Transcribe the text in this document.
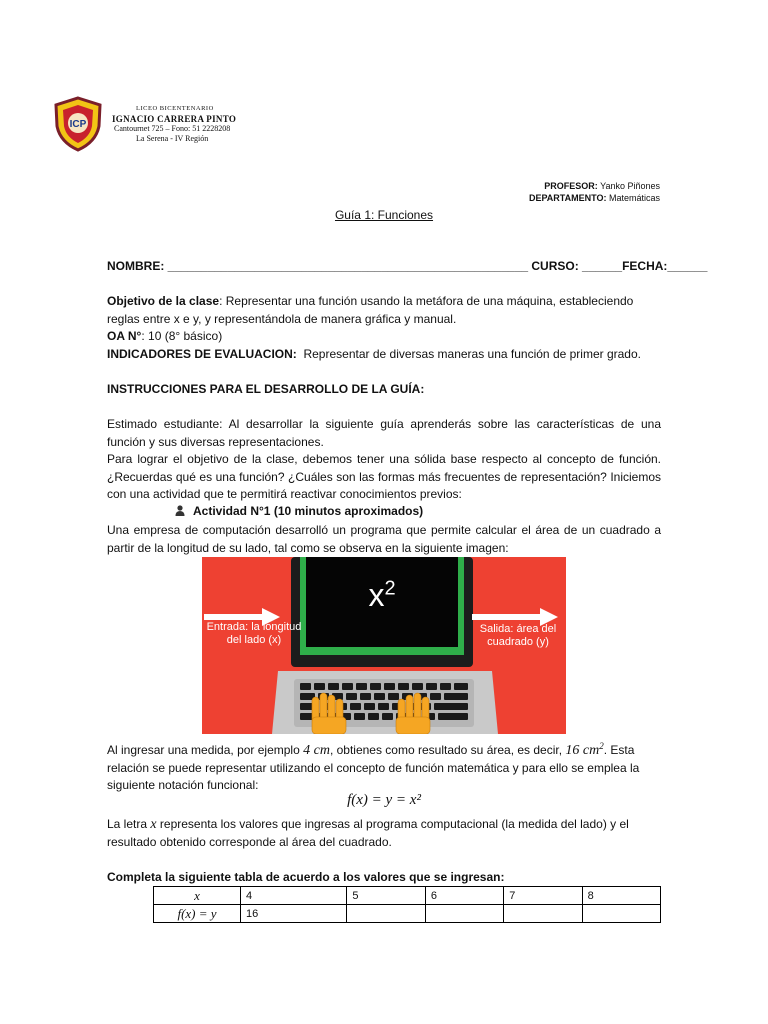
ICP
LICEO BICENTENARIO
IGNACIO CARRERA PINTO
Cantournet 725 – Fono: 51 2228208
La Serena - IV Región
PROFESOR: Yanko Piñones
DEPARTAMENTO: Matemáticas
Guía 1: Funciones
NOMBRE: ______________________________________________________ CURSO: ______FECHA:______
Objetivo de la clase: Representar una función usando la metáfora de una máquina, estableciendo reglas entre x e y, y representándola de manera gráfica y manual.
OA N°: 10 (8° básico)
INDICADORES DE EVALUACION: Representar de diversas maneras una función de primer grado.
INSTRUCCIONES PARA EL DESARROLLO DE LA GUÍA:
Estimado estudiante: Al desarrollar la siguiente guía aprenderás sobre las características de una función y sus diversas representaciones.
Para lograr el objetivo de la clase, debemos tener una sólida base respecto al concepto de función. ¿Recuerdas qué es una función? ¿Cuáles son las formas más frecuentes de representación? Iniciemos con una actividad que te permitirá reactivar conocimientos previos:
Actividad N°1 (10 minutos aproximados)
Una empresa de computación desarrolló un programa que permite calcular el área de un cuadrado a partir de la longitud de su lado, tal como se observa en la siguiente imagen:
$x^2$
Entrada: la longitud del lado (x)
Salida: área del cuadrado (y)
Al ingresar una medida, por ejemplo 4 cm, obtienes como resultado su área, es decir, 16 $cm^2$. Esta relación se puede representar utilizando el concepto de función matemática y para ello se emplea la siguiente notación funcional:
f(x) = y = x²
La letra x representa los valores que ingresas al programa computacional (la medida del lado) y el resultado obtenido corresponde al área del cuadrado.
Completa la siguiente tabla de acuerdo a los valores que se ingresan:
x	4	5	6	7	8
f(x) = y	16				
